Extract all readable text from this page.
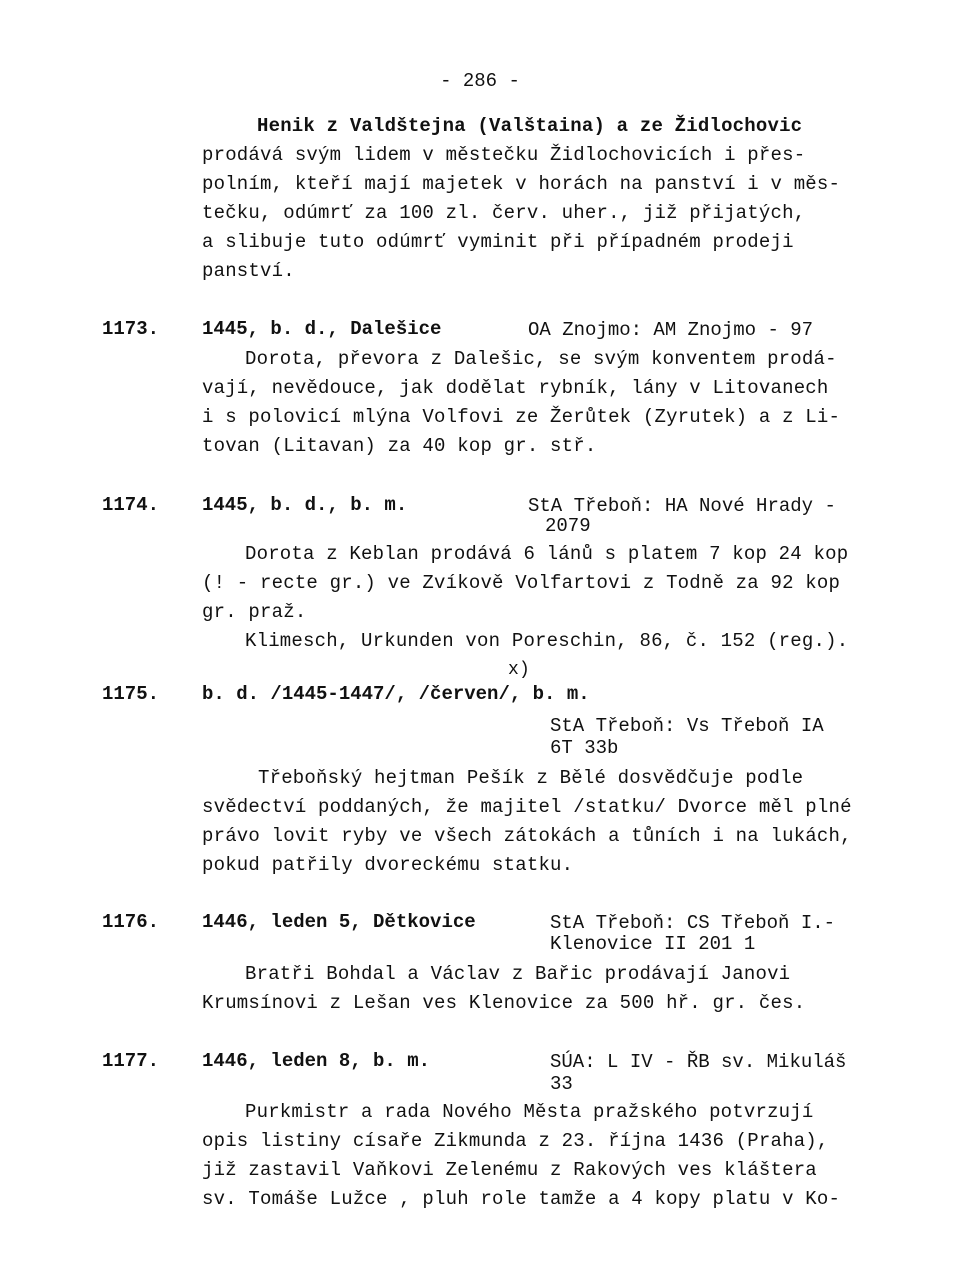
- 286 -
Henik z Valdštejna (Valštaina) a ze Židlochovic
prodává svým lidem v městečku Židlochovicích i přes-
polním, kteří mají majetek v horách na panství i v měs-
tečku, odúmrť za 100 zl. červ. uher., již přijatých,
a slibuje tuto odúmrť vyminit při případném prodeji
panství.
1173. 1445, b. d., Dalešice	OA Znojmo: AM Znojmo - 97
Dorota, převora z Dalešic, se svým konventem prodá-
vají, nevědouce, jak dodělat rybník, lány v Litovanech
i s polovicí mlýna Volfovi ze Žerůtek (Zyrutek) a z Li-
tovan (Litavan) za 40 kop gr. stř.
1174. 1445, b. d., b. m.	StA Třeboň: HA Nové Hrady -
2079
Dorota z Keblan prodává 6 lánů s platem 7 kop 24 kop
(! - recte gr.) ve Zvíkově Volfartovi z Todně za 92 kop
gr. praž.
Klimesch, Urkunden von Poreschin, 86, č. 152 (reg.).
x)
1175. b. d. /1445-1447/, /červen/, b. m.
StA Třeboň: Vs Třeboň IA
6T 33b
Třeboňský hejtman Pešík z Bělé dosvědčuje podle
svědectví poddaných, že majitel /statku/ Dvorce měl plné
právo lovit ryby ve všech zátokách a tůních i na lukách,
pokud patřily dvoreckému statku.
1176. 1446, leden 5, Dětkovice	StA Třeboň: CS Třeboň I.-
Klenovice II 201 1
Bratři Bohdal a Václav z Bařic prodávají Janovi
Krumsínovi z Lešan ves Klenovice za 500 hř. gr. čes.
1177. 1446, leden 8, b. m.	SÚA: L IV - ŘB sv. Mikuláš
33
Purkmistr a rada Nového Města pražského potvrzují
opis listiny císaře Zikmunda z 23. října 1436 (Praha),
již zastavil Vaňkovi Zelenému z Rakových ves kláštera
sv. Tomáše Lužce , pluh role tamže a 4 kopy platu v Ko-
